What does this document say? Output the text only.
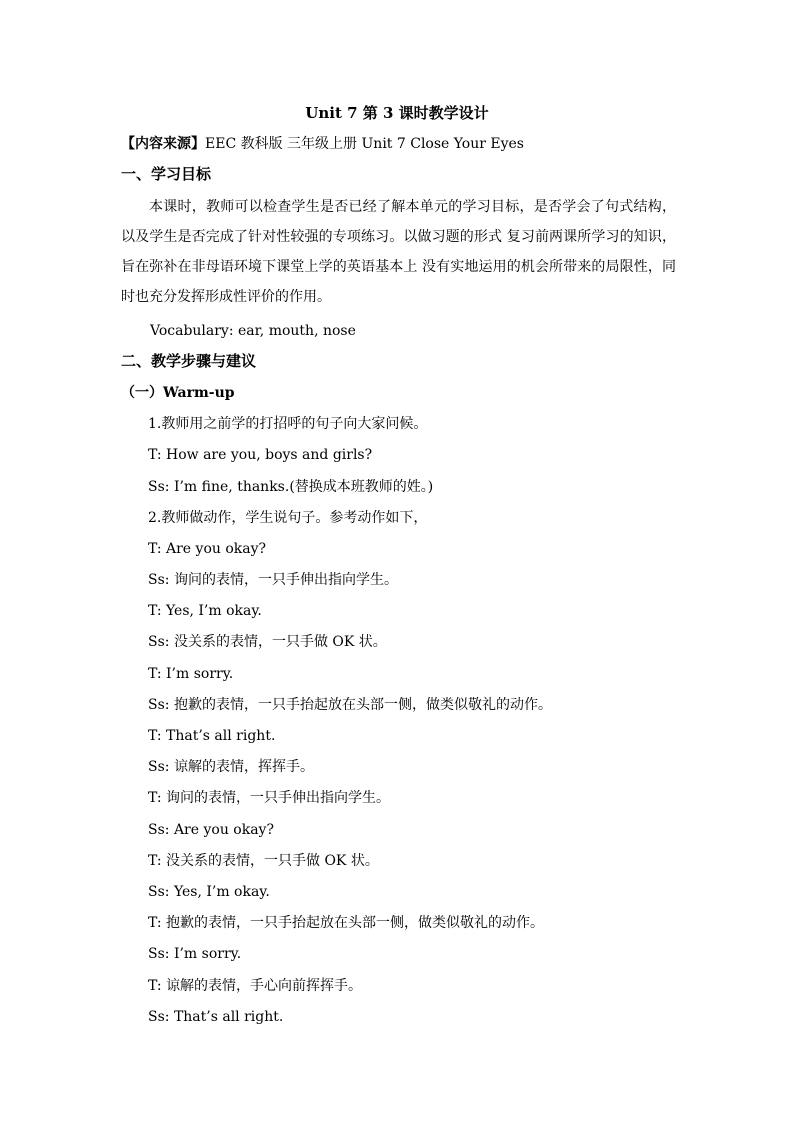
Unit 7 第 3 课时教学设计
【内容来源】EEC 教科版 三年级上册 Unit 7 Close Your Eyes
一、学习目标
本课时，教师可以检查学生是否已经了解本单元的学习目标，是否学会了句式结构，以及学生是否完成了针对性较强的专项练习。以做习题的形式 复习前两课所学习的知识，旨在弥补在非母语环境下课堂上学的英语基本上 没有实地运用的机会所带来的局限性，同时也充分发挥形成性评价的作用。
Vocabulary: ear, mouth, nose
二、教学步骤与建议
（一）Warm-up
1.教师用之前学的打招呼的句子向大家问候。
T: How are you, boys and girls?
Ss: I’m fine, thanks.(替换成本班教师的姓。)
2.教师做动作，学生说句子。参考动作如下，
T: Are you okay?
Ss: 询问的表情，一只手伸出指向学生。
T: Yes, I’m okay.
Ss: 没关系的表情，一只手做 OK 状。
T: I’m sorry.
Ss: 抱歉的表情，一只手抬起放在头部一侧，做类似敬礼的动作。
T: That’s all right.
Ss: 谅解的表情，挥挥手。
T: 询问的表情，一只手伸出指向学生。
Ss: Are you okay?
T: 没关系的表情，一只手做 OK 状。
Ss: Yes, I’m okay.
T: 抱歉的表情，一只手抬起放在头部一侧，做类似敬礼的动作。
Ss: I’m sorry.
T: 谅解的表情，手心向前挥挥手。
Ss: That’s all right.
